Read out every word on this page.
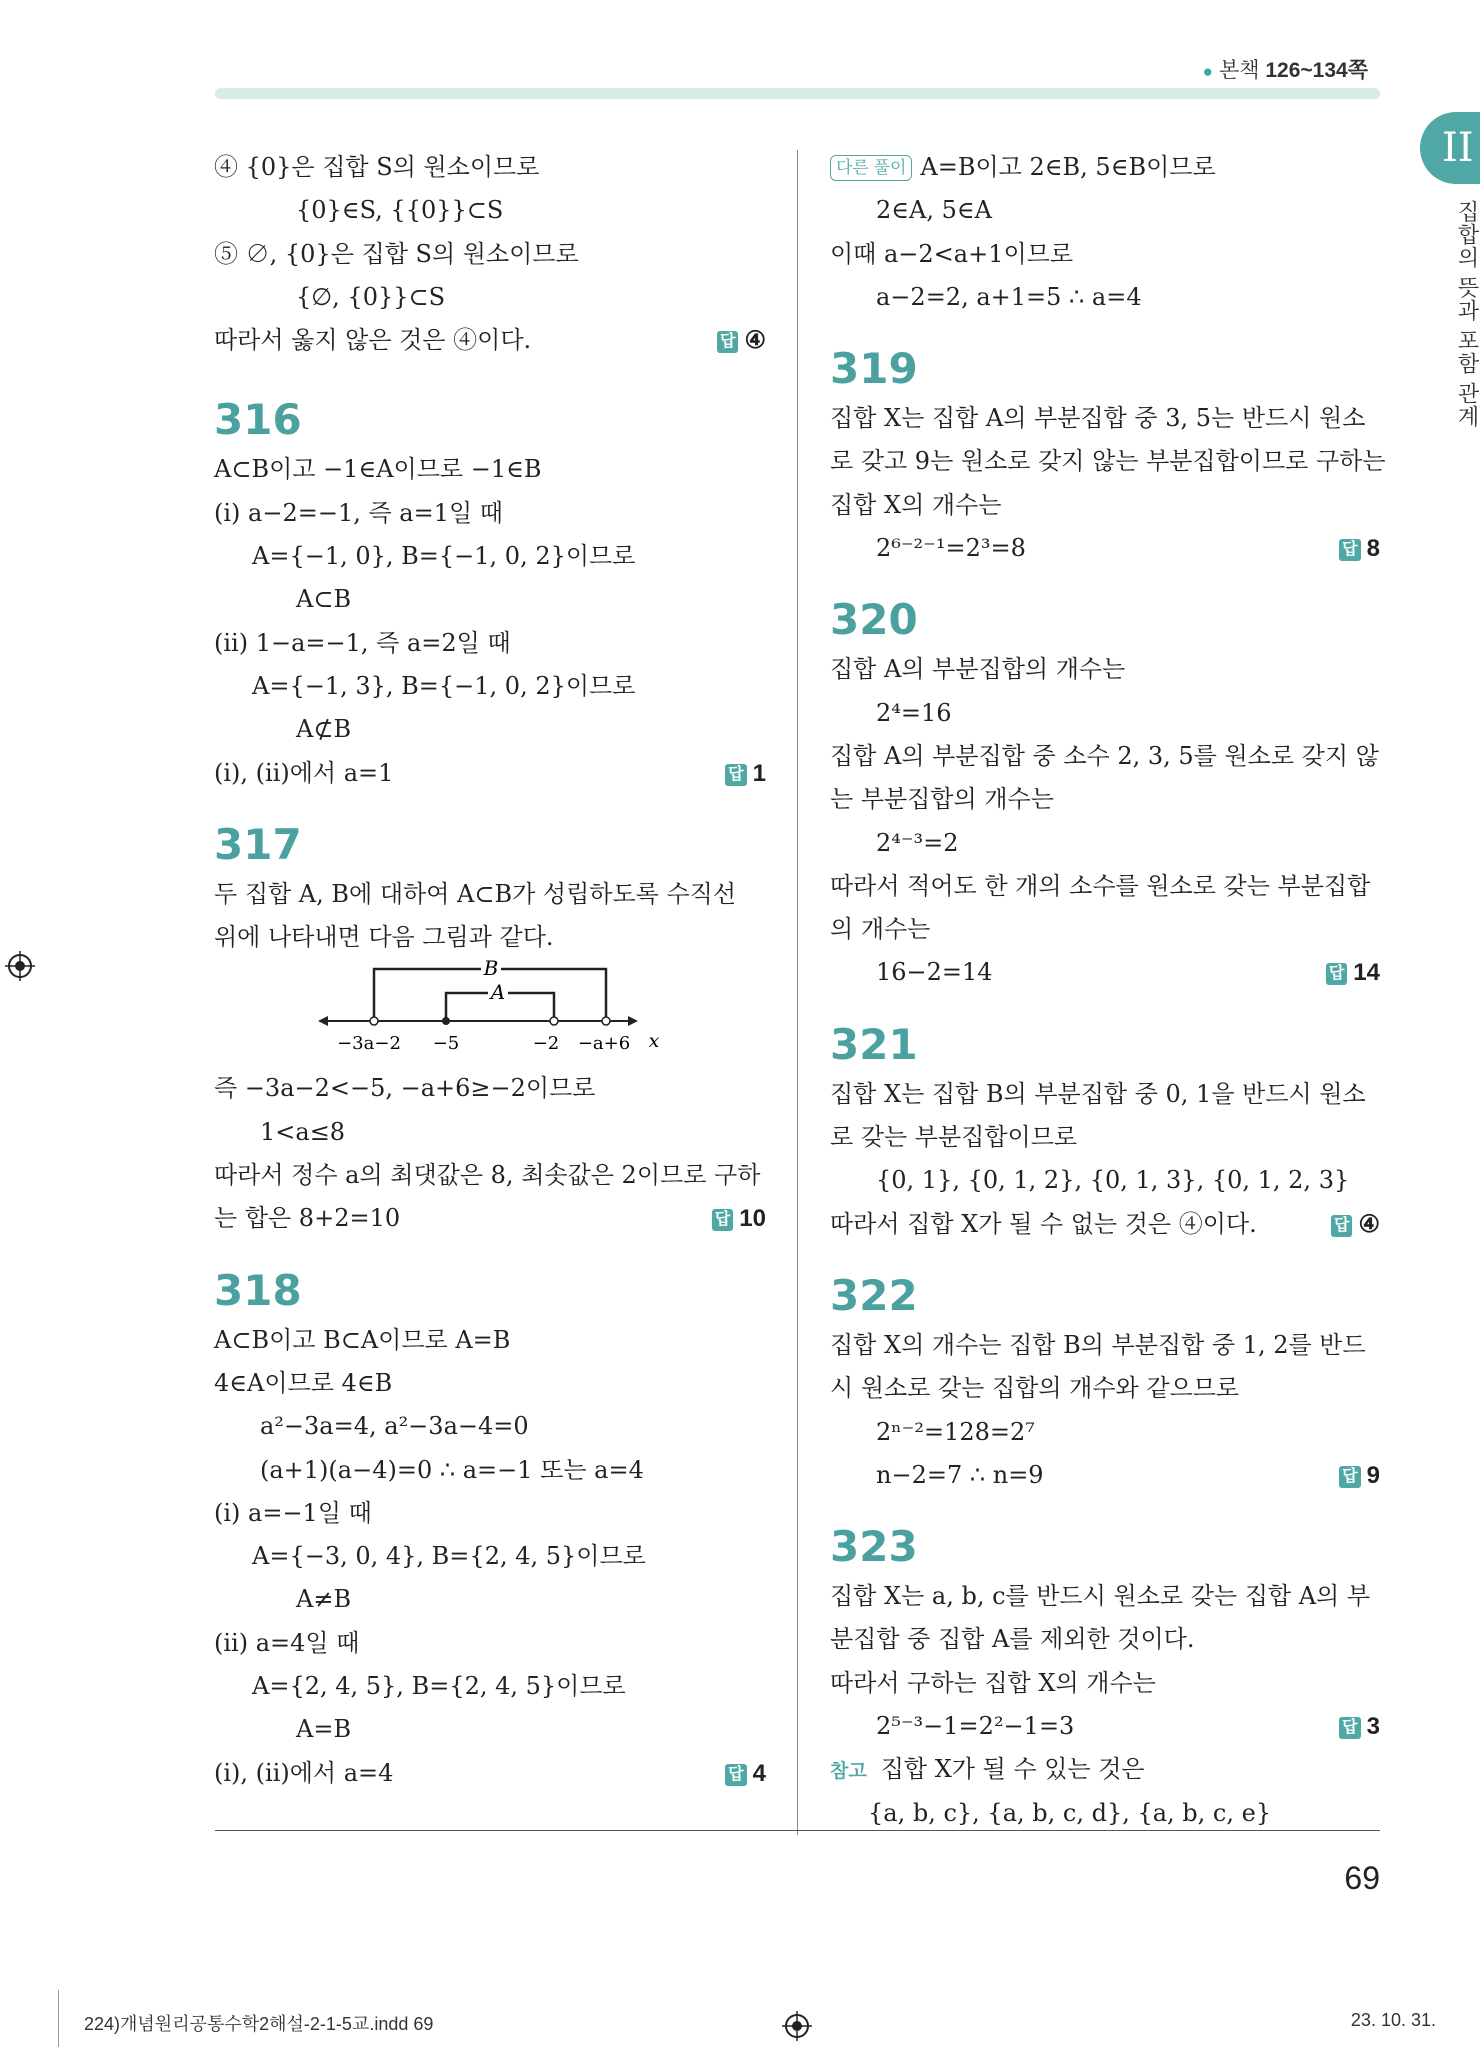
● 본책 126~134쪽
II
집합의 뜻과 포함 관계
④ {0}은 집합 S의 원소이므로
{0}∈S, {{0}}⊂S
⑤ ∅, {0}은 집합 S의 원소이므로
{∅, {0}}⊂S
따라서 옳지 않은 것은 ④이다.	답 ④
316
A⊂B이고 −1∈A이므로 −1∈B
(ⅰ) a−2=−1, 즉 a=1일 때
A={−1, 0}, B={−1, 0, 2}이므로
A⊂B
(ⅱ) 1−a=−1, 즉 a=2일 때
A={−1, 3}, B={−1, 0, 2}이므로
A⊄B
(ⅰ), (ⅱ)에서 a=1	답 1
317
두 집합 A, B에 대하여 A⊂B가 성립하도록 수직선
위에 나타내면 다음 그림과 같다.
B
A
−3a−2 −5	−2 −a+6 x
즉 −3a−2<−5, −a+6≥−2이므로
1<a≤8
따라서 정수 a의 최댓값은 8, 최솟값은 2이므로 구하
는 합은 8+2=10	답 10
318
A⊂B이고 B⊂A이므로 A=B
4∈A이므로 4∈B
a²−3a=4, a²−3a−4=0
(a+1)(a−4)=0 ∴ a=−1 또는 a=4
(ⅰ) a=−1일 때
A={−3, 0, 4}, B={2, 4, 5}이므로
A≠B
(ⅱ) a=4일 때
A={2, 4, 5}, B={2, 4, 5}이므로
A=B
(ⅰ), (ⅱ)에서 a=4	답 4
다른 풀이 A=B이고 2∈B, 5∈B이므로
2∈A, 5∈A
이때 a−2<a+1이므로
a−2=2, a+1=5 ∴ a=4
319
집합 X는 집합 A의 부분집합 중 3, 5는 반드시 원소
로 갖고 9는 원소로 갖지 않는 부분집합이므로 구하는
집합 X의 개수는
2⁶⁻²⁻¹=2³=8	답 8
320
집합 A의 부분집합의 개수는
2⁴=16
집합 A의 부분집합 중 소수 2, 3, 5를 원소로 갖지 않
는 부분집합의 개수는
2⁴⁻³=2
따라서 적어도 한 개의 소수를 원소로 갖는 부분집합
의 개수는
16−2=14	답 14
321
집합 X는 집합 B의 부분집합 중 0, 1을 반드시 원소
로 갖는 부분집합이므로
{0, 1}, {0, 1, 2}, {0, 1, 3}, {0, 1, 2, 3}
따라서 집합 X가 될 수 없는 것은 ④이다.	답 ④
322
집합 X의 개수는 집합 B의 부분집합 중 1, 2를 반드
시 원소로 갖는 집합의 개수와 같으므로
2ⁿ⁻²=128=2⁷
n−2=7 ∴ n=9	답 9
323
집합 X는 a, b, c를 반드시 원소로 갖는 집합 A의 부
분집합 중 집합 A를 제외한 것이다.
따라서 구하는 집합 X의 개수는
2⁵⁻³−1=2²−1=3	답 3
참고 집합 X가 될 수 있는 것은
{a, b, c}, {a, b, c, d}, {a, b, c, e}
69
224)개념원리공통수학2해설-2-1-5교.indd 69	23. 10. 31.
